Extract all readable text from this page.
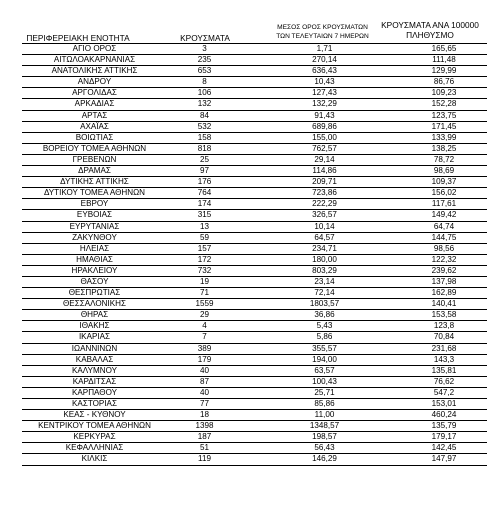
ΠΕΡΙΦΕΡΕΙΑΚΗ ΕΝΟΤΗΤΑ	ΚΡΟΥΣΜΑΤΑ
ΜΕΣΟΣ ΟΡΟΣ ΚΡΟΥΣΜΑΤΩΝ
ΤΩΝ ΤΕΛΕΥΤΑΙΩΝ 7 ΗΜΕΡΩΝ
ΚΡΟΥΣΜΑΤΑ ΑΝΑ 100000
ΠΛΗΘΥΣΜΟ
ΑΓΙΟ ΟΡΟΣ	3	1,71	165,65
ΑΙΤΩΛΟΑΚΑΡΝΑΝΙΑΣ	235	270,14	111,48
ΑΝΑΤΟΛΙΚΗΣ ΑΤΤΙΚΗΣ	653	636,43	129,99
ΑΝΔΡΟΥ	8	10,43	86,76
ΑΡΓΟΛΙΔΑΣ	106	127,43	109,23
ΑΡΚΑΔΙΑΣ	132	132,29	152,28
ΑΡΤΑΣ	84	91,43	123,75
ΑΧΑΪΑΣ	532	689,86	171,45
ΒΟΙΩΤΙΑΣ	158	155,00	133,99
ΒΟΡΕΙΟΥ ΤΟΜΕΑ ΑΘΗΝΩΝ	818	762,57	138,25
ΓΡΕΒΕΝΩΝ	25	29,14	78,72
ΔΡΑΜΑΣ	97	114,86	98,69
ΔΥΤΙΚΗΣ ΑΤΤΙΚΗΣ	176	209,71	109,37
ΔΥΤΙΚΟΥ ΤΟΜΕΑ ΑΘΗΝΩΝ	764	723,86	156,02
ΕΒΡΟΥ	174	222,29	117,61
ΕΥΒΟΙΑΣ	315	326,57	149,42
ΕΥΡΥΤΑΝΙΑΣ	13	10,14	64,74
ΖΑΚΥΝΘΟΥ	59	64,57	144,75
ΗΛΕΙΑΣ	157	234,71	98,56
ΗΜΑΘΙΑΣ	172	180,00	122,32
ΗΡΑΚΛΕΙΟΥ	732	803,29	239,62
ΘΑΣΟΥ	19	23,14	137,98
ΘΕΣΠΡΩΤΙΑΣ	71	72,14	162,89
ΘΕΣΣΑΛΟΝΙΚΗΣ	1559	1803,57	140,41
ΘΗΡΑΣ	29	36,86	153,58
ΙΘΑΚΗΣ	4	5,43	123,8
ΙΚΑΡΙΑΣ	7	5,86	70,84
ΙΩΑΝΝΙΝΩΝ	389	355,57	231,68
ΚΑΒΑΛΑΣ	179	194,00	143,3
ΚΑΛΥΜΝΟΥ	40	63,57	135,81
ΚΑΡΔΙΤΣΑΣ	87	100,43	76,62
ΚΑΡΠΑΘΟΥ	40	25,71	547,2
ΚΑΣΤΟΡΙΑΣ	77	85,86	153,01
ΚΕΑΣ - ΚΥΘΝΟΥ	18	11,00	460,24
ΚΕΝΤΡΙΚΟΥ ΤΟΜΕΑ ΑΘΗΝΩΝ	1398	1348,57	135,79
ΚΕΡΚΥΡΑΣ	187	198,57	179,17
ΚΕΦΑΛΛΗΝΙΑΣ	51	56,43	142,45
ΚΙΛΚΙΣ	119	146,29	147,97
